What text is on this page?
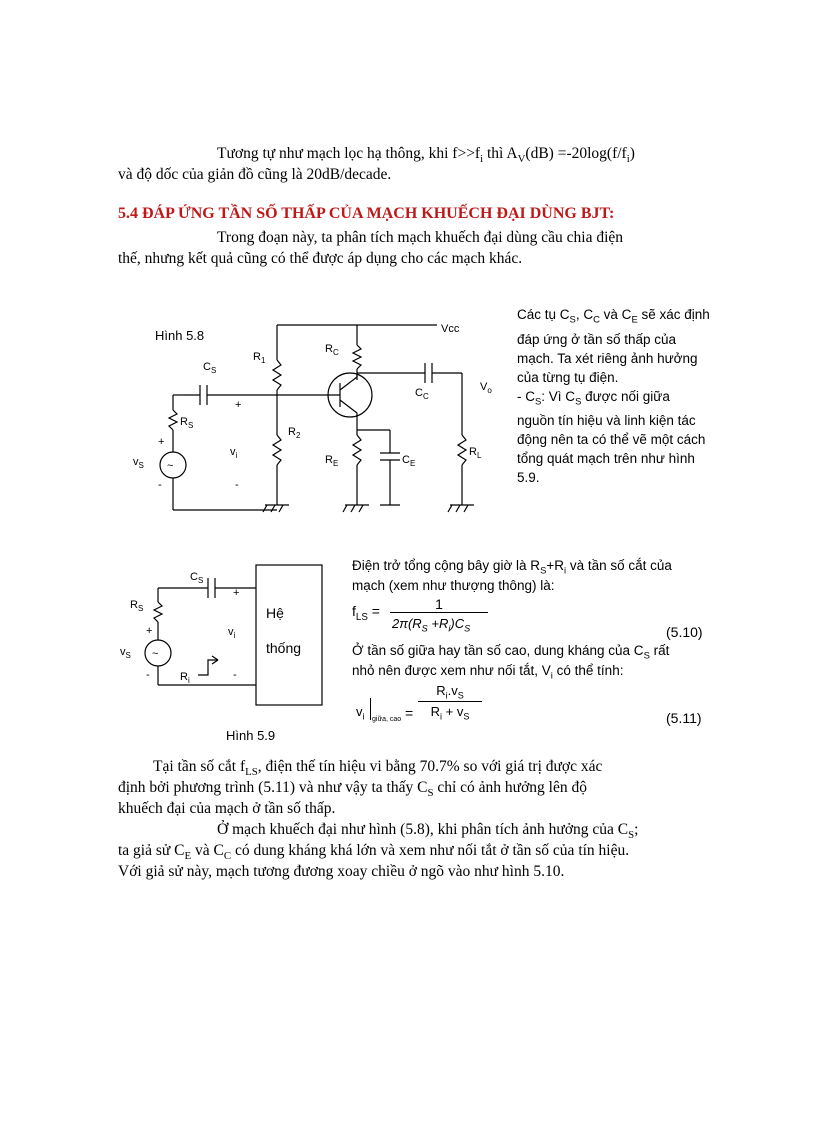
Tương tự như mạch lọc hạ thông, khi $f>>f_i$ thì $A_V(dB) =-20\log(f/f_i)$
và độ dốc của giản đồ cũng là 20dB/decade.
5.4 ĐÁP ỨNG TẦN SỐ THẤP CỦA MẠCH KHUẾCH ĐẠI DÙNG BJT:
Trong đoạn này, ta phân tích mạch khuếch đại dùng cầu chia điện
thế, nhưng kết quả cũng có thể được áp dụng cho các mạch khác.
Hình 5.8	Vcc
$R_1$
$R_C$
$C_S$
+
$C_C$
$V_o$
$R_S$
$R_2$
+
~
$v_S$
$v_i$	$R_E$	$C_E$
$R_L$
-	-
Các tụ $C_S$, $C_C$ và $C_E$ sẽ xác định
đáp ứng ở tần số thấp của
mạch. Ta xét riêng ảnh hưởng
của từng tụ điện.
- $C_S$: Vì $C_S$ được nối giữa
nguồn tín hiệu và linh kiện tác
động nên ta có thể vẽ một cách
tổng quát mạch trên như hình
5.9.
$C_S$
+
$R_S$
+	$v_i$
~
$v_S$
-	$R_i$	-
Hệ
thống
Hình 5.9
Điện trở tổng cộng bây giờ là $R_S+R_i$ và tần số cắt của
mạch (xem như thượng thông) là:
$f_{LS}$ =	1
$2\pi(R_S +R_i)C_S$	(5.10)
Ở tần số giữa hay tần số cao, dung kháng của $C_S$ rất
nhỏ nên được xem như nối tắt, $V_i$ có thể tính:
$v_i$ giữa, cao =
$R_i.v_S$
$R_i + v_S$	(5.11)
Tại tần số cắt $f_{LS}$, điện thế tín hiệu vi bằng 70.7% so với giá trị được xác
định bởi phương trình (5.11) và như vậy ta thấy $C_S$ chỉ có ảnh hưởng lên độ
khuếch đại của mạch ở tần số thấp.
Ở mạch khuếch đại như hình (5.8), khi phân tích ảnh hưởng của $C_S$;
ta giả sử $C_E$ và $C_C$ có dung kháng khá lớn và xem như nối tắt ở tần số của tín hiệu.
Với giả sử này, mạch tương đương xoay chiều ở ngõ vào như hình 5.10.
